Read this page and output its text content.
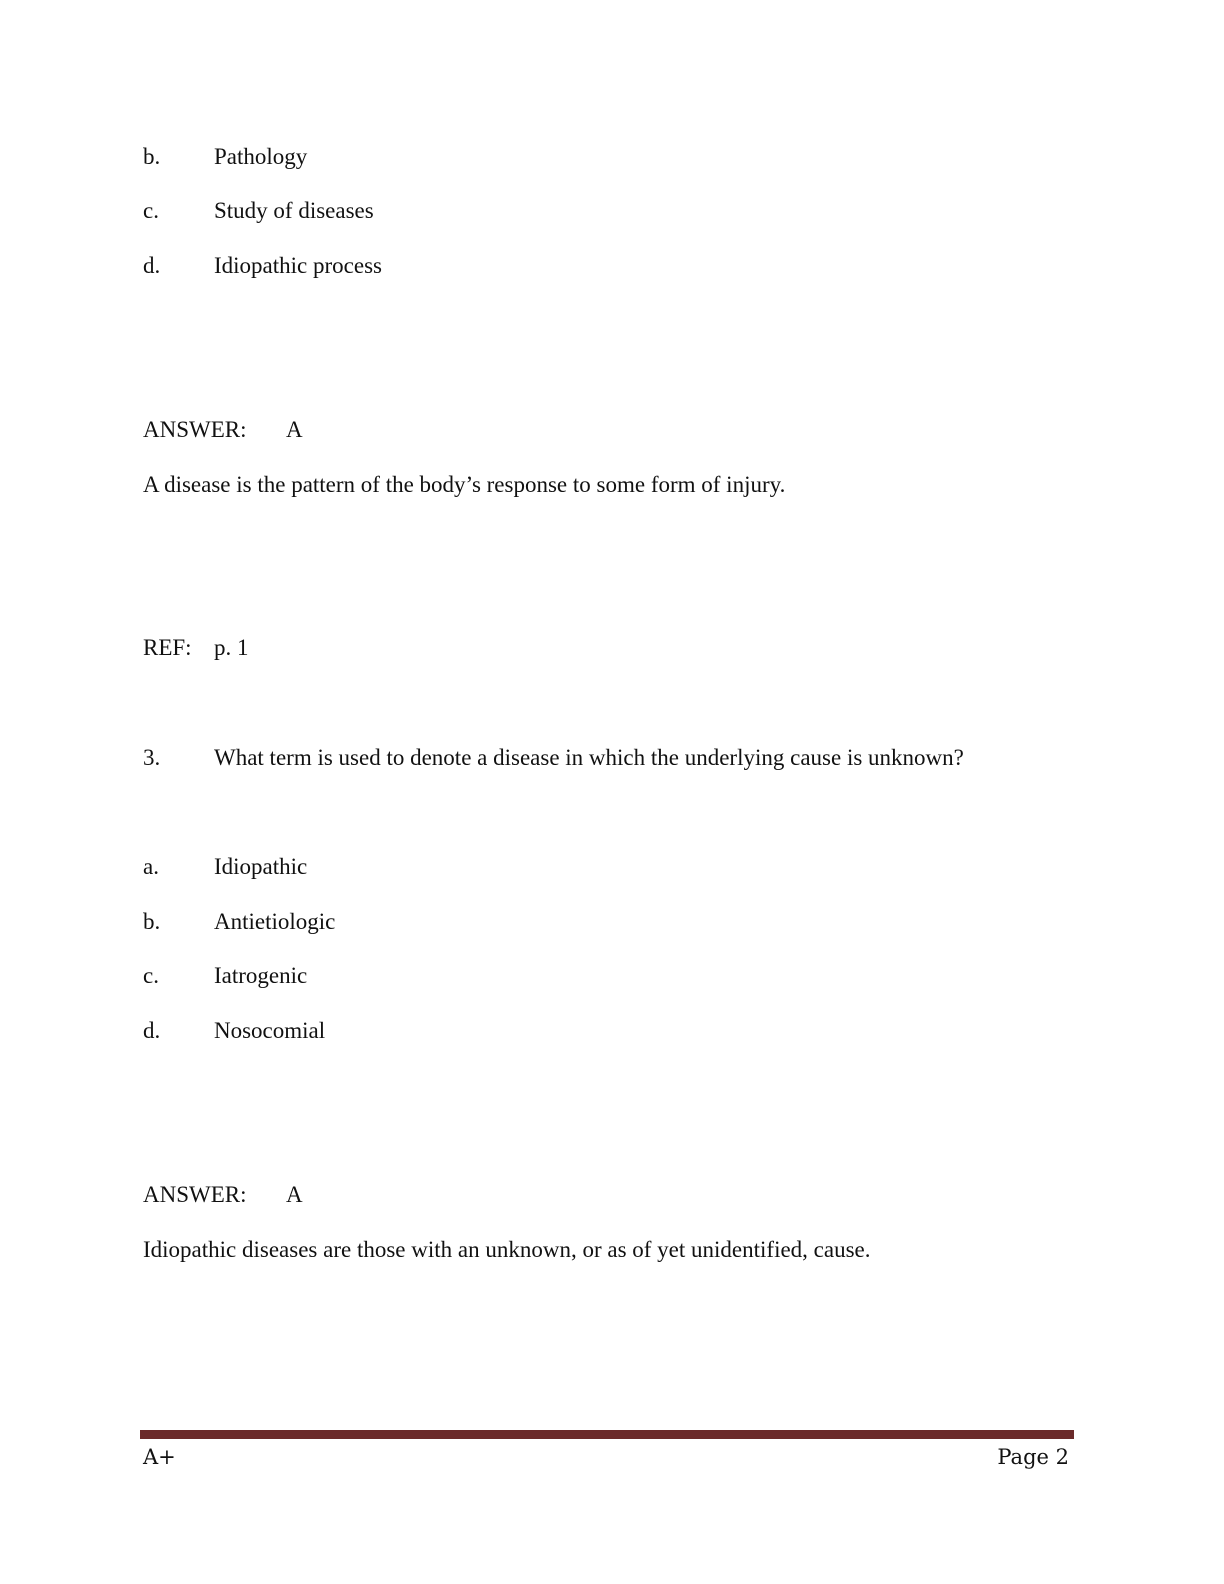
b. Pathology
c. Study of diseases
d. Idiopathic process
ANSWER: A
A disease is the pattern of the body’s response to some form of injury.
REF: p. 1
3. What term is used to denote a disease in which the underlying cause is unknown?
a. Idiopathic
b. Antietiologic
c. Iatrogenic
d. Nosocomial
ANSWER: A
Idiopathic diseases are those with an unknown, or as of yet unidentified, cause.
A+	Page 2
